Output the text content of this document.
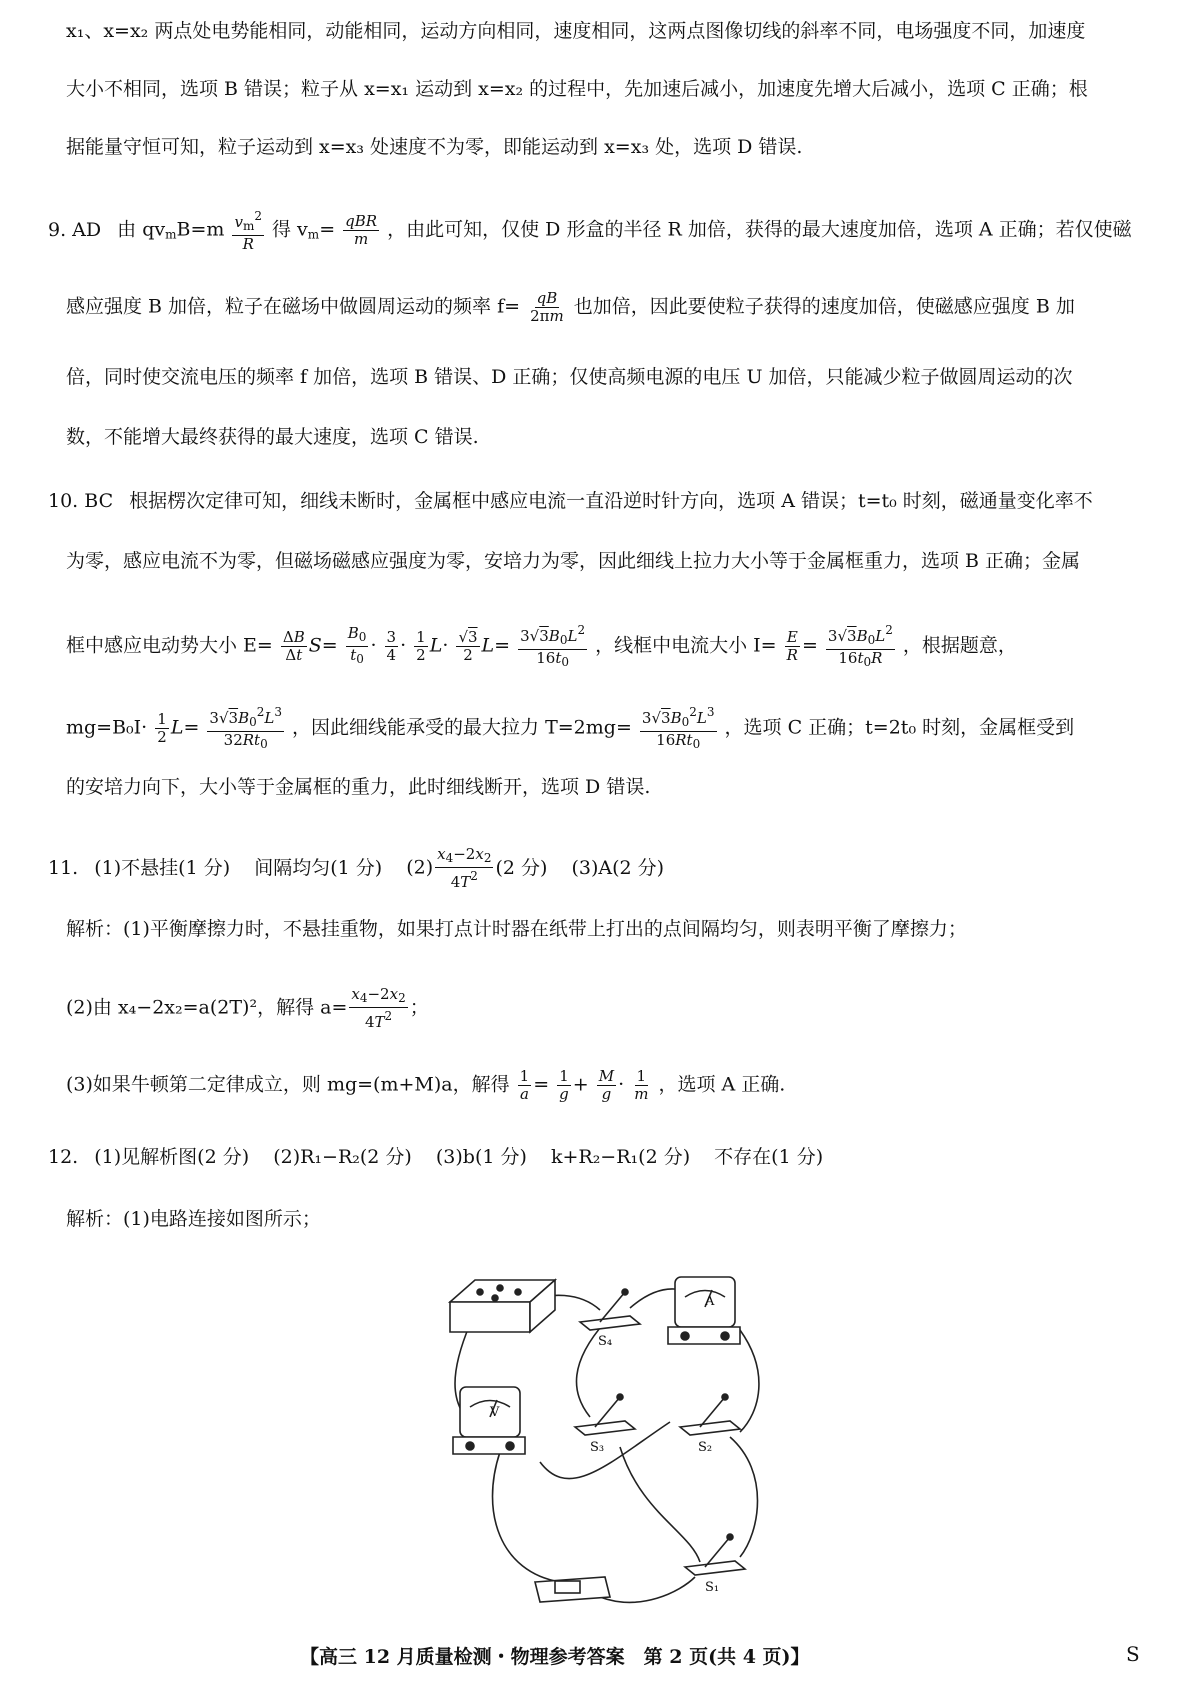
x₁、x=x₂ 两点处电势能相同，动能相同，运动方向相同，速度相同，这两点图像切线的斜率不同，电场强度不同，加速度
大小不相同，选项 B 错误；粒子从 x=x₁ 运动到 x=x₂ 的过程中，先加速后减小，加速度先增大后减小，选项 C 正确；根
据能量守恒可知，粒子运动到 x=x₃ 处速度不为零，即能运动到 x=x₃ 处，选项 D 错误.
9. AD 由 $qv_mB=m \frac{v_m^2}{R}$ 得 $v_m= \frac{\text{qBR}}{m}$ ，由此可知，仅使 D 形盒的半径 R 加倍，获得的最大速度加倍，选项 A 正确；若仅使磁
感应强度 B 加倍，粒子在磁场中做圆周运动的频率 $f= \frac{qB}{2\pi m}$ 也加倍，因此要使粒子获得的速度加倍，使磁感应强度 B 加
倍，同时使交流电压的频率 f 加倍，选项 B 错误、D 正确；仅使高频电源的电压 U 加倍，只能减少粒子做圆周运动的次
数，不能增大最终获得的最大速度，选项 C 错误.
10. BC 根据楞次定律可知，细线未断时，金属框中感应电流一直沿逆时针方向，选项 A 错误；t=t₀ 时刻，磁通量变化率不
为零，感应电流不为零，但磁场磁感应强度为零，安培力为零，因此细线上拉力大小等于金属框重力，选项 B 正确；金属
框中感应电动势大小 $E= \frac{\Delta B}{\Delta t} S= \frac{B_0}{t_0} \cdot \frac{3}{4} \cdot \frac{1}{2} L\cdot \frac{√3}{2} L= \frac{3√3B_0L^2}{16t_0}$ ，线框中电流大小 $I= \frac{E}{R} = \frac{3√3B_0L^2}{16t_0R}$ ，根据题意，
$mg=B_0I\cdot \frac{1}{2} L= \frac{3√3B_0^2L^3}{32Rt_0}$ ，因此细线能承受的最大拉力 $T=2mg= \frac{3√3B_0^2L^3}{16Rt_0}$ ，选项 C 正确；t=2t₀ 时刻，金属框受到
的安培力向下，大小等于金属框的重力，此时细线断开，选项 D 错误.
11. (1)不悬挂(1 分) 间隔均匀(1 分) $(2) \frac{x_4-2x_2}{4T^2} (2$ 分) (3)A(2 分)
解析：(1)平衡摩擦力时，不悬挂重物，如果打点计时器在纸带上打出的点间隔均匀，则表明平衡了摩擦力；
(2)由 x₄−2x₂=a(2T)²，解得 $a= \frac{x_4-2x_2}{4T^2}$ ；
(3)如果牛顿第二定律成立，则 mg=(m+M)a，解得 $\frac{1}{a} = \frac{1}{g} + \frac{M}{g} \cdot \frac{1}{m}$ ，选项 A 正确.
12. (1)见解析图(2 分) (2)R₁−R₂(2 分) (3)b(1 分) k+R₂−R₁(2 分) 不存在(1 分)
解析：(1)电路连接如图所示；
A
V
S₄
S₃	S₂
S₁
【高三 12 月质量检测・物理参考答案　第 2 页(共 4 页)】	S
